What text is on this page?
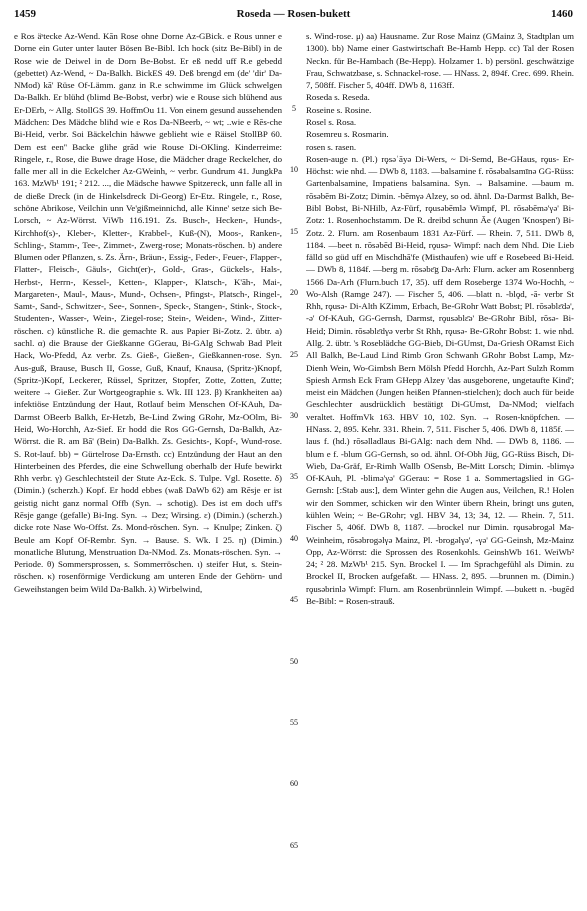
1459	Roseda — Rosen-bukett	1460

e Ros äˢtecke Az-Wend. Kān Rose ohne Dorne Az-GBick. e Rous unner e Dorne ein Guter unter lauter Bösen Be-Bibl. Ich hock (sitz Be-Bibl) in de Rose wie de Deiwel in de Dorn Be-Bobst. Er eß nedd uff R.e gebedd (gebettet) Az-Wend, ~ Da-Balkh. BickES 49. Deß brengd em (de' 'dir' Da-NMod) kā' Rüse Of-Lämm. ganz in R.e schwimme im Glück schwelgen Da-Balkh. Er blühd (blimd Be-Bobst, verbr) wie e Rouse sich blühend aus Er-DErb, ~ Allg. StollGS 39. HoffmOu 11. Von einem gesund aussehenden Mädchen: Des Mädche blihd wie e Ros Da-NBeerb, ~ wt; ..wie e Rēs-che Bi-Heid, verbr. Soi Bäckelchin häwwe geblieht wie e Räisel StollBP 60. Dem est een'' Backe glihe grād wie Rouse Di-OKling. Kinderreime: Ringele, r., Rose, die Buwe drage Hose, die Mädcher drage Reckelcher, do falle mer all in die Eckelcher Az-GWeinh, ~ verbr. Gundrum 41. JungkPa 163. MzWb¹ 191; ² 212. ..., die Mädsche hawwe Spitzereck, unn falle all in de dieße Dreck (in de Hinkelsdreck Di-Georg) Er-Etz. Ringele, r., Rose, schöne Abrikose, Veilchin unn Ve'gißmeinnichd, alle Kinne' setze sich Be-Lorsch, ~ Az-Wörrst. ViWb 116.191. Zs. Busch-, Hecken-, Hunds-, Kirchhof(s)-, Kleber-, Kletter-, Krabbel-, Kuß-(N), Moos-, Ranken-, Schling-, Stamm-, Tee-, Zimmet-, Zwerg-rose; Monats-röschen. b) andere Blumen oder Pflanzen, s. Zs. Ärn-, Bräun-, Essig-, Feder-, Feuer-, Flapper-, Flatter-, Fleisch-, Gäuls-, Gicht(er)-, Gold-, Gras-, Gückels-, Hals-, Herbst-, Herrn-, Kessel-, Ketten-, Klapper-, Klatsch-, K'āh-, Mai-, Margareten-, Maul-, Maus-, Mund-, Ochsen-, Pfingst-, Platsch-, Ringel-, Samt-, Sand-, Schwitzer-, See-, Sonnen-, Speck-, Stangen-, Stink-, Stock-, Studenten-, Wasser-, Wein-, Ziegel-rose; Stein-, Weiden-, Wind-, Zitter-röschen. c) künstliche R. die gemachte R. aus Papier Bi-Zotz. 2. übtr. a) sachl. α) die Brause der Gießkanne GGerau, Bi-GAlg Schwab Bad Pleit Hack, Wo-Pfedd, Az verbr. Zs. Gieß-, Gießen-, Gießkannen-rose. Syn. Aus-guß, Brause, Busch II, Gosse, Guß, Knauf, Knausa, (Spritz-)Knopf, (Spritz-)Kopf, Leckerer, Rüssel, Spritzer, Stopfer, Zotte, Zotten, Zutte; weitere → Gießer. Zur Wortgeographie s. Wk. III 123. β) Krankheiten aa) infektiöse Entzündung der Haut, Rotlauf beim Menschen Of-KAuh, Da-Darmst OBeerb Balkh, Er-Hetzb, Be-Lind Zwing GRohr, Mz-OOlm, Bi-Heid, Wo-Horchh, Az-Sief. Er hodd die Ros GG-Gernsh, Da-Balkh, Az-Wörrst. die R. am Bā' (Bein) Da-Balkh. Zs. Gesichts-, Kopf-, Wund-rose. S. Rot-lauf. bb) = Gürtelrose Da-Ernsth. cc) Entzündung der Haut an den Hinterbeinen des Pferdes, die eine Schwellung oberhalb der Hufe bewirkt Rhh verbr. γ) Geschlechtsteil der Stute Az-Eck. S. Tulpe. Vgl. Rosette. δ) (Dimin.) (scherzh.) Kopf. Er hodd ebbes (waß DaWb 62) am Rēsje er ist geistig nicht ganz normal Offb (Syn. → schotig). Des ist em doch uff's Rēsje gange (gefalle) Bi-Ing. Syn. → Dez; Wirsing. ε) (Dimin.) (scherzh.) dicke rote Nase Wo-Offst. Zs. Mond-röschen. Syn. → Knulpe; Zinken. ζ) Beule am Kopf Of-Rembr. Syn. → Bause. S. Wk. I 25. η) (Dimin.) monatliche Blutung, Menstruation Da-NMod. Zs. Monats-röschen. Syn. → Periode. θ) Sommersprossen, s. Sommerröschen. ι) steifer Hut, s. Stein-röschen. κ) rosenförmige Verdickung am unteren Ende der Gehörn- und Geweihstangen beim Wild Da-Balkh. λ) Wirbelwind,

5
10
15
20
25
30
35
40
45
50
55
60
65

s. Wind-rose. μ) aa) Hausname. Zur Rose Mainz (GMainz 3, Stadtplan um 1300). bb) Name einer Gastwirtschaft Be-Hamb Hepp. cc) Tal der Rosen Neckn. für Be-Hambach (Be-Hepp). Holzamer 1. b) persönl. geschwätzige Frau, Schwatzbase, s. Schnackel-rose. — HNass. 2, 894f. Crec. 699. Rhein. 7, 508ff. Fischer 5, 404ff. DWb 8, 1163ff.

Roseda s. Reseda.

Roseine s. Rosine.

Rosel s. Rosa.

Rosemreu s. Rosmarin.

rosen s. rasen.

Rosen-auge n. (Pl.) rǫsəʿāyə Di-Wers, ~ Di-Semd, Be-GHaus, rǫus- Er-Höchst: wie nhd. — DWb 8, 1183. —balsamine f. rōsəbalsamīnə GG-Rüss: Gartenbalsamine, Impatiens balsamina. Syn. → Balsamine. —baum m. rōsəbēm Bi-Zotz; Dimin. -bēmγə Alzey, so od. ähnl. Da-Darmst Balkh, Be-Bibl Bobst, Bi-NHilb, Az-Fürf, rǫusəbēmlǝ Wimpf, Pl. rōsəbēmə'γə' Bi-Zotz: 1. Rosenhochstamm. De R. dreibd schunn Āe (Augen 'Knospen') Bi-Zotz. 2. Flurn. am Rosenbaum 1831 Az-Fürf. — Rhein. 7, 511. DWb 8, 1184. —beet n. rōsəbēd Bi-Heid, rǫusə- Wimpf: nach dem Nhd. Die Lieb fälld so güd uff en Mischdhā'fe (Misthaufen) wie uff e Rosebeed Bi-Heid. — DWb 8, 1184f. —berg m. rōsəbɛ̄g Da-Arh: Flurn. acker am Rosennberg 1566 Da-Arh (Flurn.buch 17, 35). uff dem Roseberge 1374 Wo-Hochh, ~ Wo-Alsh (Ramge 247). — Fischer 5, 406. —blatt n. -blǫd, -ā- verbr St Rhh, rǫusə- Di-Alth KZimm, Erbach, Be-GRohr Watt Bobst; Pl. rōsəblɛ̄də', -ə' Of-KAuh, GG-Gernsh, Darmst, rǫusəblɛ̄ə' Be-GRohr Bibl, rōsə- Bi-Heid; Dimin. rōsəblɛ̄dγə verbr St Rhh, rǫusə- Be-GRohr Bobst: 1. wie nhd. Allg. 2. übtr. 's Roseblädche GG-Bieb, Di-GUmst, Da-Griesh ORamst Eich All Balkh, Be-Laud Lind Rimb Gron Schwanh GRohr Bobst Lamp, Mz-Dienh Wein, Wo-Gimbsh Bern Mölsh Pfedd Horchh, Az-Part Sulzh Romm Spiesh Armsh Eck Fram GHepp Alzey 'das ausgeborene, ungetaufte Kind'; meist ein Mädchen (Jungen heißen Pfannen-stielchen); doch auch für beide Geschlechter ausdrücklich bestätigt Di-GUmst, Da-NMod; vielfach veraltet. HoffmVk 163. HBV 10, 102. Syn. → Rosen-knöpfchen. — HNass. 2, 895. Kehr. 331. Rhein. 7, 511. Fischer 5, 406. DWb 8, 1185f. —laus f. (hd.) rōsəlladlaus Bi-GAlg: nach dem Nhd. — DWb 8, 1186. —blum e f. -blum GG-Gernsh, so od. ähnl. Of-Obh Jüg, GG-Rüss Bisch, Di-Wieb, Da-Gräf, Er-Rimh Wallb OSensb, Be-Mitt Lorsch; Dimin. -blimγə Of-KAuh, Pl. -blimə'γə' GGerau: = Rose 1 a. Sommertagslied in GG-Gernsh: [:Stab aus:], dem Winter gehn die Augen aus, Veilchen, R.! Holen wir den Sommer, schicken wir den Winter übern Rhein, bringt uns guten, kühlen Wein; ~ Be-GRohr; vgl. HBV 34, 13; 34, 12. — Rhein. 7, 511. Fischer 5, 406f. DWb 8, 1187. —brockel nur Dimin. rǫusəbrogəl Ma-Weinheim, rōsəbrogəlγə Mainz, Pl. -brogəlγə', -γə' GG-Geinsh, Mz-Mainz Opp, Az-Wörrst: die Sprossen des Rosenkohls. GeinshWb 161. WeiWb² 24; ² 28. MzWb¹ 215. Syn. Brockel I. — Im Sprachgefühl als Dimin. zu Brockel II, Brocken aufgefaßt. — HNass. 2, 895. —brunnen m. (Dimin.) rǫusəbrinlə Wimpf: Flurn. am Rosenbrünnlein Wimpf. —bukett n. -bugēd Be-Bibl: = Rosen-strauß.
